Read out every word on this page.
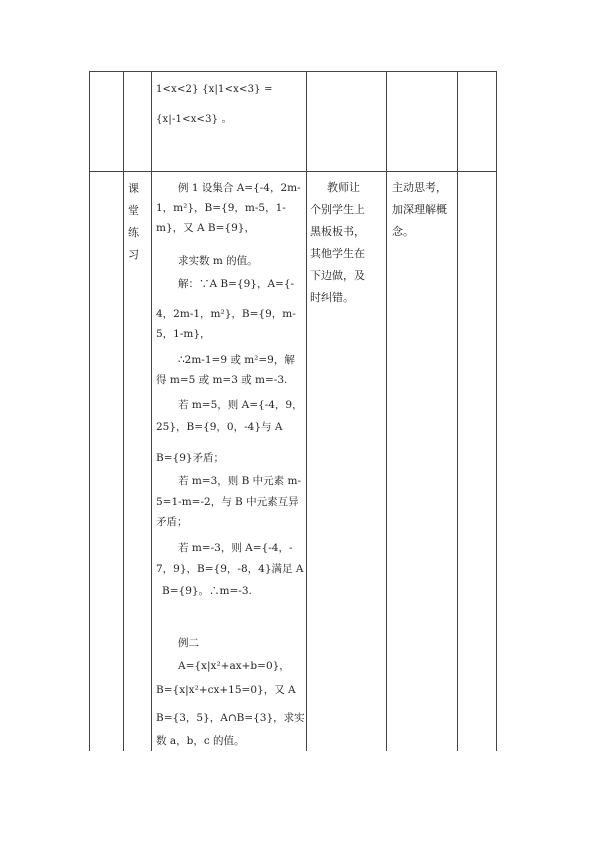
1<x<2} {x|1<x<3} =
{x|-1<x<3} 。
课
堂
练
习
例 1 设集合 A={-4，2m-
1，m²}，B={9，m-5，1-
m}，又 A B={9}，
求实数 m 的值。
解：∵A B={9}，A={-
4，2m-1，m²}，B={9，m-
5，1-m}，
∴2m-1=9 或 m²=9，解
得 m=5 或 m=3 或 m=-3.
若 m=5，则 A={-4，9，
25}，B={9，0，-4}与 A
B={9}矛盾；
若 m=3，则 B 中元素 m-
5=1-m=-2，与 B 中元素互异
矛盾；
若 m=-3，则 A={-4，-
7，9}，B={9，-8，4}满足 A
B={9}。∴m=-3.
例二
A={x|x²+ax+b=0}，
B={x|x²+cx+15=0}，又 A
B={3，5}，A∩B={3}，求实
数 a，b，c 的值。
教师让
个别学生上
黑板板书，
其他学生在
下边做，及
时纠错。
主动思考，
加深理解概
念。
